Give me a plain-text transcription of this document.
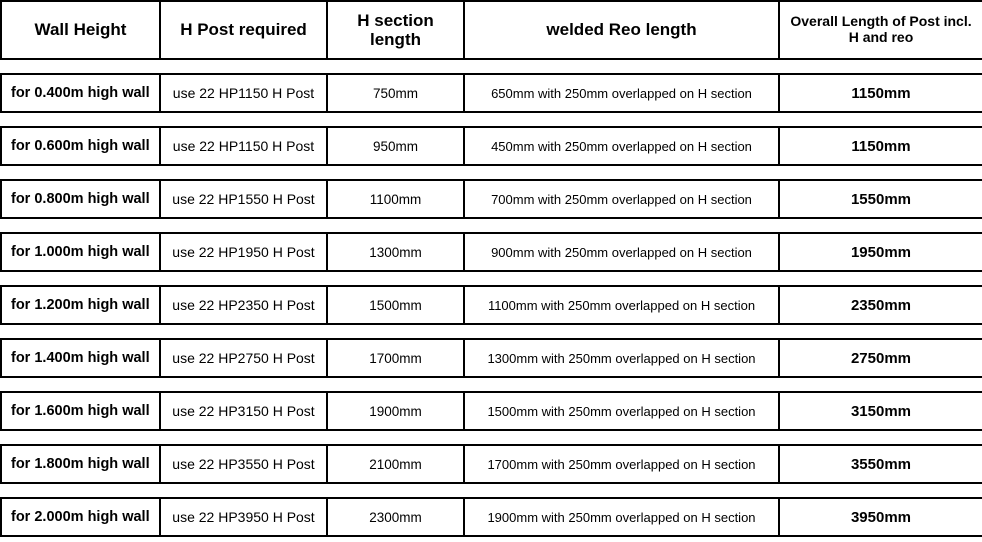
Wall Height	H Post required	H section length	welded Reo length	Overall Length of Post incl. H and reo

for 0.400m high wall	use 22 HP1150 H Post	750mm	650mm with 250mm overlapped on H section	1150mm

for 0.600m high wall	use 22 HP1150 H Post	950mm	450mm with 250mm overlapped on H section	1150mm

for 0.800m high wall	use 22 HP1550 H Post	1100mm	700mm with 250mm overlapped on H section	1550mm

for 1.000m high wall	use 22 HP1950 H Post	1300mm	900mm with 250mm overlapped on H section	1950mm

for 1.200m high wall	use 22 HP2350 H Post	1500mm	1100mm with 250mm overlapped on H section	2350mm

for 1.400m high wall	use 22 HP2750 H Post	1700mm	1300mm with 250mm overlapped on H section	2750mm

for 1.600m high wall	use 22 HP3150 H Post	1900mm	1500mm with 250mm overlapped on H section	3150mm

for 1.800m high wall	use 22 HP3550 H Post	2100mm	1700mm with 250mm overlapped on H section	3550mm

for 2.000m high wall	use 22 HP3950 H Post	2300mm	1900mm with 250mm overlapped on H section	3950mm
